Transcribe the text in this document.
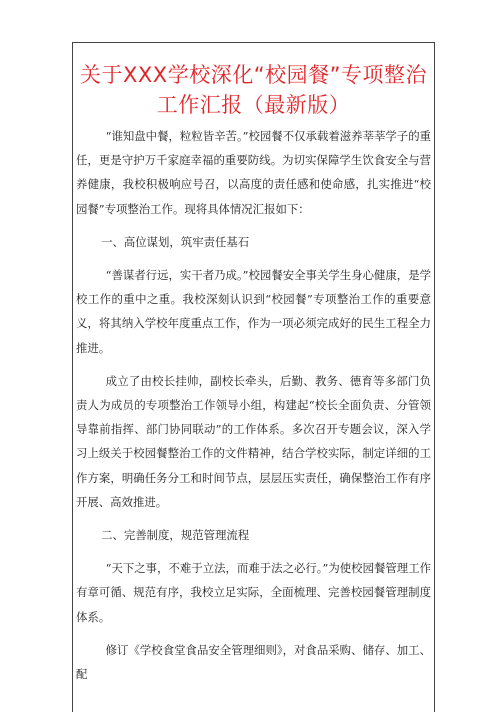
关于XXX学校深化“校园餐”专项整治
工作汇报（最新版）

“谁知盘中餐，粒粒皆辛苦。”校园餐不仅承载着滋养莘莘学子的重任，更是守护万千家庭幸福的重要防线。为切实保障学生饮食安全与营养健康，我校积极响应号召，以高度的责任感和使命感，扎实推进“校园餐”专项整治工作。现将具体情况汇报如下：

一、高位谋划，筑牢责任基石

“善谋者行远，实干者乃成。”校园餐安全事关学生身心健康，是学校工作的重中之重。我校深刻认识到“校园餐”专项整治工作的重要意义，将其纳入学校年度重点工作，作为一项必须完成好的民生工程全力推进。

成立了由校长挂帅，副校长牵头，后勤、教务、德育等多部门负责人为成员的专项整治工作领导小组，构建起“校长全面负责、分管领导靠前指挥、部门协同联动”的工作体系。多次召开专题会议，深入学习上级关于校园餐整治工作的文件精神，结合学校实际，制定详细的工作方案，明确任务分工和时间节点，层层压实责任，确保整治工作有序开展、高效推进。

二、完善制度，规范管理流程

“天下之事，不难于立法，而难于法之必行。”为使校园餐管理工作有章可循、规范有序，我校立足实际，全面梳理、完善校园餐管理制度体系。

修订《学校食堂食品安全管理细则》，对食品采购、储存、加工、配
